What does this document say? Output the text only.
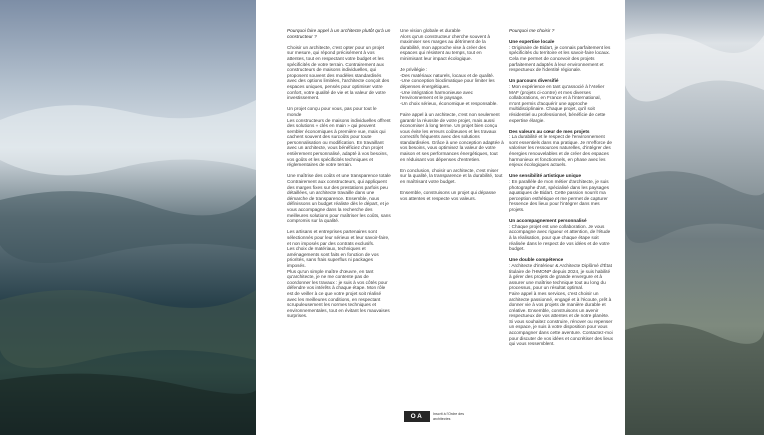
Pourquoi faire appel à un architecte plutôt qu'à un constructeur ?

Choisir un architecte, c'est opter pour un projet sur mesure, qui répond précisément à vos attentes, tout en respectant votre budget et les spécificités de votre terrain. Contrairement aux constructeurs de maisons individuelles, qui proposent souvent des modèles standardisés avec des options limitées, l'architecte conçoit des espaces uniques, pensés pour optimiser votre confort, votre qualité de vie et la valeur de votre investissement.

Un projet conçu pour vous, pas pour tout le monde
Les constructeurs de maisons individuelles offrent des solutions « clés en main » qui peuvent sembler économiques à première vue, mais qui cachent souvent des surcoûts pour toute personnalisation ou modification. En travaillant avec un architecte, vous bénéficiez d'un projet entièrement personnalisé, adapté à vos besoins, vos goûts et les spécificités techniques et réglementaires de votre terrain.

Une maîtrise des coûts et une transparence totale
Contrairement aux constructeurs, qui appliquent des marges fixes sur des prestations parfois peu détaillées, un architecte travaille dans une démarche de transparence. Ensemble, nous définissons un budget réaliste dès le départ, et je vous accompagne dans la recherche des meilleures solutions pour maîtriser les coûts, sans compromis sur la qualité.

Les artisans et entreprises partenaires sont sélectionnés pour leur sérieux et leur savoir-faire, et non imposés par des contrats exclusifs.
Les choix de matériaux, techniques et aménagements sont faits en fonction de vos priorités, sans frais superflus ni packages imposés.
Plus qu'un simple maître d'œuvre, en tant qu'architecte, je ne me contente pas de coordonner les travaux : je suis à vos côtés pour défendre vos intérêts à chaque étape. Mon rôle est de veiller à ce que votre projet soit réalisé avec les meilleures conditions, en respectant scrupuleusement les normes techniques et environnementales, tout en évitant les mauvaises surprises.

Une vision globale et durable
Alors qu'un constructeur cherche souvent à maximiser ses marges au détriment de la durabilité, mon approche vise à créer des espaces qui résistent au temps, tout en minimisant leur impact écologique.

Je privilégie :
-Des matériaux naturels, locaux et de qualité.
-Une conception bioclimatique pour limiter les dépenses énergétiques.
-Une intégration harmonieuse avec l'environnement et le paysage.
-Un choix sérieux, économique et responsable.

Faire appel à un architecte, c'est non seulement garantir la réussite de votre projet, mais aussi économiser à long terme. Un projet bien conçu vous évite les erreurs coûteuses et les travaux correctifs fréquents avec des solutions standardisées. Grâce à une conception adaptée à vos besoins, vous optimisez la valeur de votre maison et ses performances énergétiques, tout en réduisant vos dépenses d'entretien.

En conclusion, choisir un architecte, c'est miser sur la qualité, la transparence et la durabilité, tout en maîtrisant votre budget.

Ensemble, construisons un projet qui dépasse vos attentes et respecte vos valeurs.

Pourquoi me choisir ?

Une expertise locale

: Originaire de Bidart, je connais parfaitement les spécificités du territoire et les savoir-faire locaux. Cela me permet de concevoir des projets parfaitement adaptés à leur environnement et respectueux de l'identité régionale.

Un parcours diversifié

: Mon expérience en tant qu'associé à l'Atelier MAF (projets ci-contre) et mes diverses collaborations, en France et à l'international, m'ont permis d'acquérir une approche multidisciplinaire. Chaque projet, qu'il soit résidentiel ou professionnel, bénéficie de cette expertise élargie.

Des valeurs au cœur de mes projets

: La durabilité et le respect de l'environnement sont essentiels dans ma pratique. Je m'efforce de valoriser les ressources naturelles, d'intégrer des énergies renouvelables et de créer des espaces harmonieux et fonctionnels, en phase avec les enjeux écologiques actuels.

Une sensibilité artistique unique

: En parallèle de mon métier d'architecte, je suis photographe d'art, spécialisé dans les paysages aquatiques de Bidart. Cette passion nourrit ma perception esthétique et me permet de capturer l'essence des lieux pour l'intégrer dans mes projets.

Un accompagnement personnalisé

: Chaque projet est une collaboration. Je vous accompagne avec rigueur et attention, de l'étude à la réalisation, pour que chaque étape soit réalisée dans le respect de vos idées et de votre budget.

Une double compétence

: Architecte d'intérieur & Architecte Diplômé d'État titulaire de l'HMONP depuis 2024, je suis habilité à gérer des projets de grande envergure et à assurer une maîtrise technique tout au long du processus, pour un résultat optimal.
Faire appel à mes services, c'est choisir un architecte passionné, engagé et à l'écoute, prêt à donner vie à vos projets de manière durable et créative. Ensemble, construisons un avenir respectueux de vos attentes et de notre planète.
Si vous souhaitez construire, rénover ou repenser un espace, je suis à votre disposition pour vous accompagner dans cette aventure. Contactez-moi pour discuter de vos idées et concrétiser des lieux qui vous ressemblent.

OA	Inscrit à l'Ordre des architectes
